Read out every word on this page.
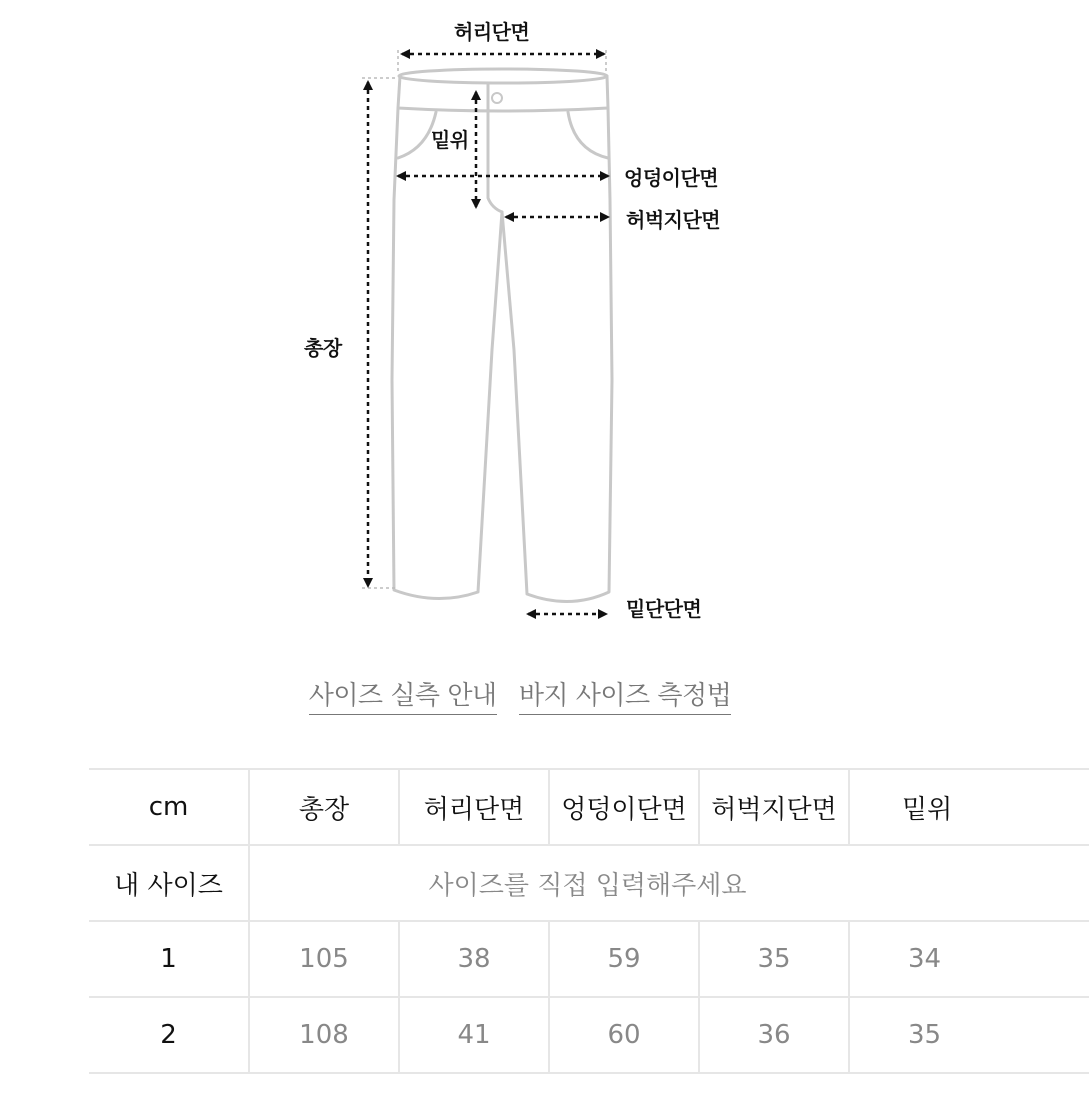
허리단면
밑위
엉덩이단면
허벅지단면
총장
밑단단면
사이즈 실측 안내 바지 사이즈 측정법
cm	총장	허리단면	엉덩이단면	허벅지단면	밑위
내 사이즈	사이즈를 직접 입력해주세요				
1	105	38	59	35	34
2	108	41	60	36	35
